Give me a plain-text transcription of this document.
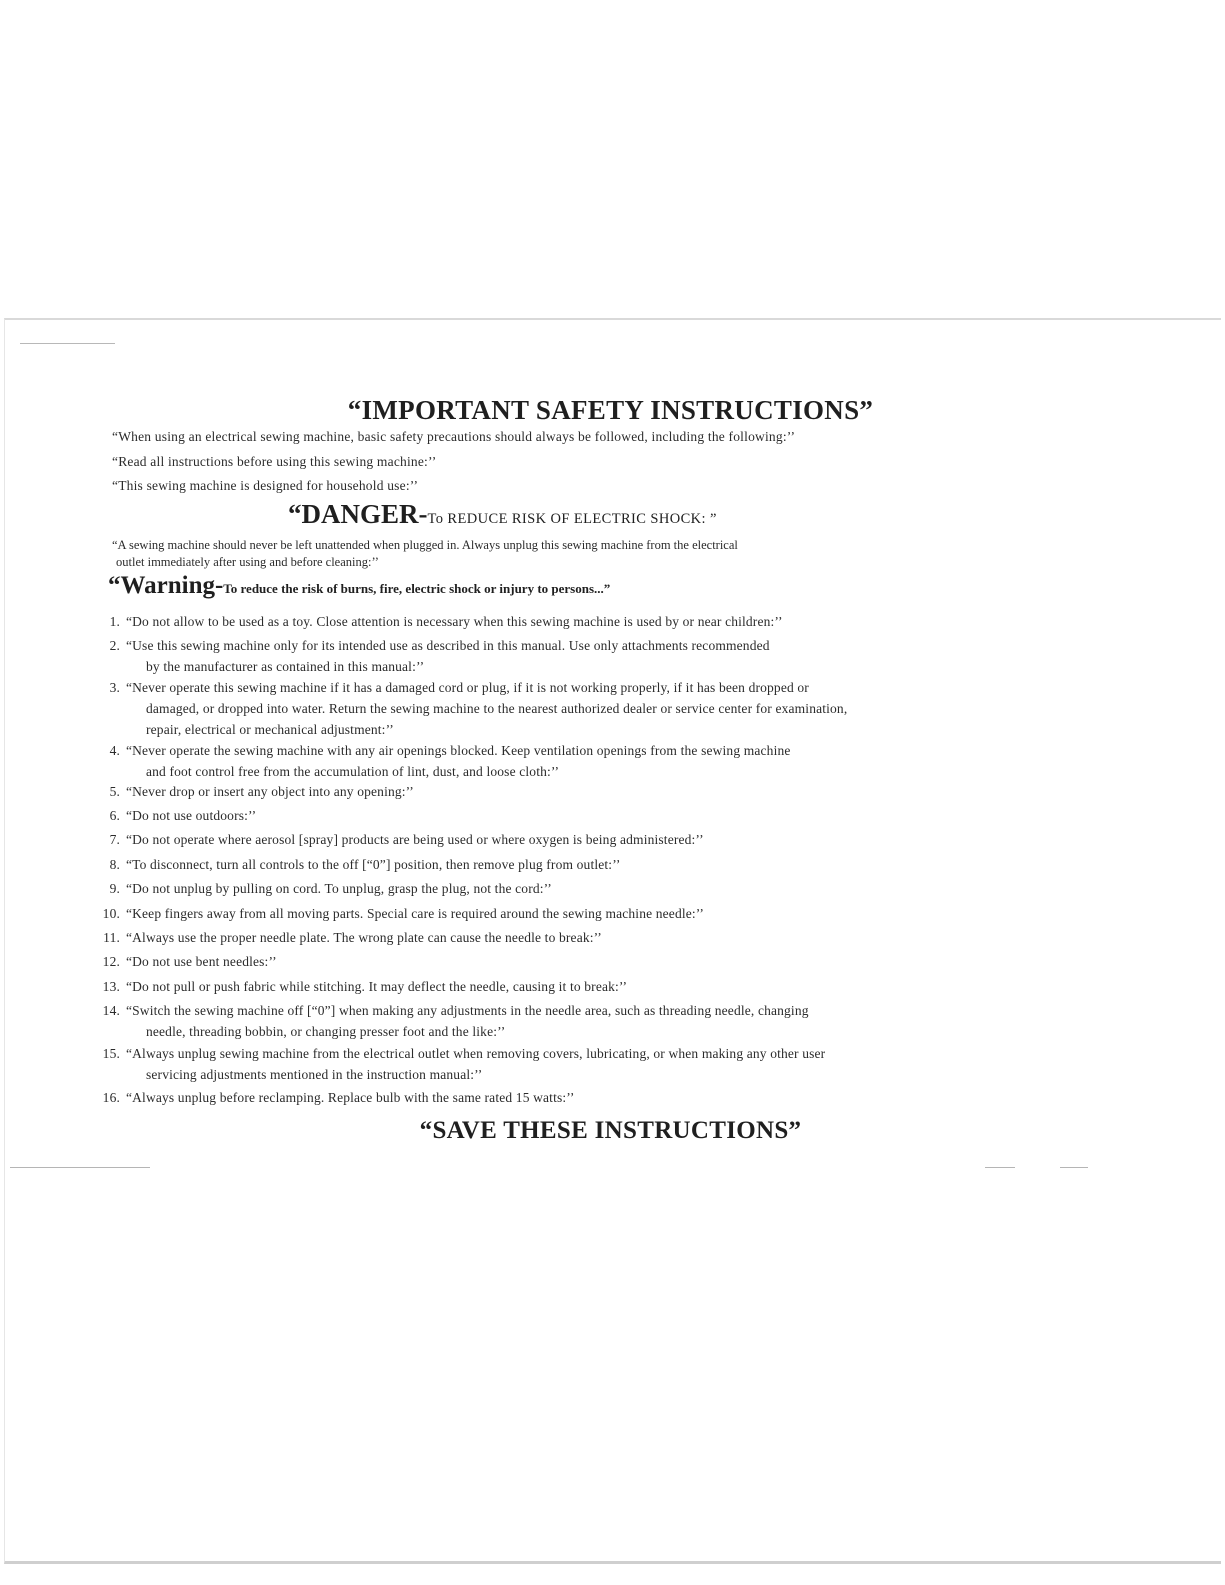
“IMPORTANT SAFETY INSTRUCTIONS”
“When using an electrical sewing machine, basic safety precautions should always be followed, including the following:’’
“Read all instructions before using this sewing machine:’’
“This sewing machine is designed for household use:’’
“DANGER-To REDUCE RISK OF ELECTRIC SHOCK: ”
“A sewing machine should never be left unattended when plugged in. Always unplug this sewing machine from the electrical
outlet immediately after using and before cleaning:’’
“Warning-To reduce the risk of burns, fire, electric shock or injury to persons...”
1. “Do not allow to be used as a toy. Close attention is necessary when this sewing machine is used by or near children:’’
2. “Use this sewing machine only for its intended use as described in this manual. Use only attachments recommended
by the manufacturer as contained in this manual:’’
3. “Never operate this sewing machine if it has a damaged cord or plug, if it is not working properly, if it has been dropped or
damaged, or dropped into water. Return the sewing machine to the nearest authorized dealer or service center for examination,
repair, electrical or mechanical adjustment:’’
4. “Never operate the sewing machine with any air openings blocked. Keep ventilation openings from the sewing machine
and foot control free from the accumulation of lint, dust, and loose cloth:’’
5. “Never drop or insert any object into any opening:’’
6. “Do not use outdoors:’’
7. “Do not operate where aerosol [spray] products are being used or where oxygen is being administered:’’
8. “To disconnect, turn all controls to the off [“0”] position, then remove plug from outlet:’’
9. “Do not unplug by pulling on cord. To unplug, grasp the plug, not the cord:’’
10. “Keep fingers away from all moving parts. Special care is required around the sewing machine needle:’’
11. “Always use the proper needle plate. The wrong plate can cause the needle to break:’’
12. “Do not use bent needles:’’
13. “Do not pull or push fabric while stitching. It may deflect the needle, causing it to break:’’
14. “Switch the sewing machine off [“0”] when making any adjustments in the needle area, such as threading needle, changing
needle, threading bobbin, or changing presser foot and the like:’’
15. “Always unplug sewing machine from the electrical outlet when removing covers, lubricating, or when making any other user
servicing adjustments mentioned in the instruction manual:’’
16. “Always unplug before reclamping. Replace bulb with the same rated 15 watts:’’
“SAVE THESE INSTRUCTIONS”
